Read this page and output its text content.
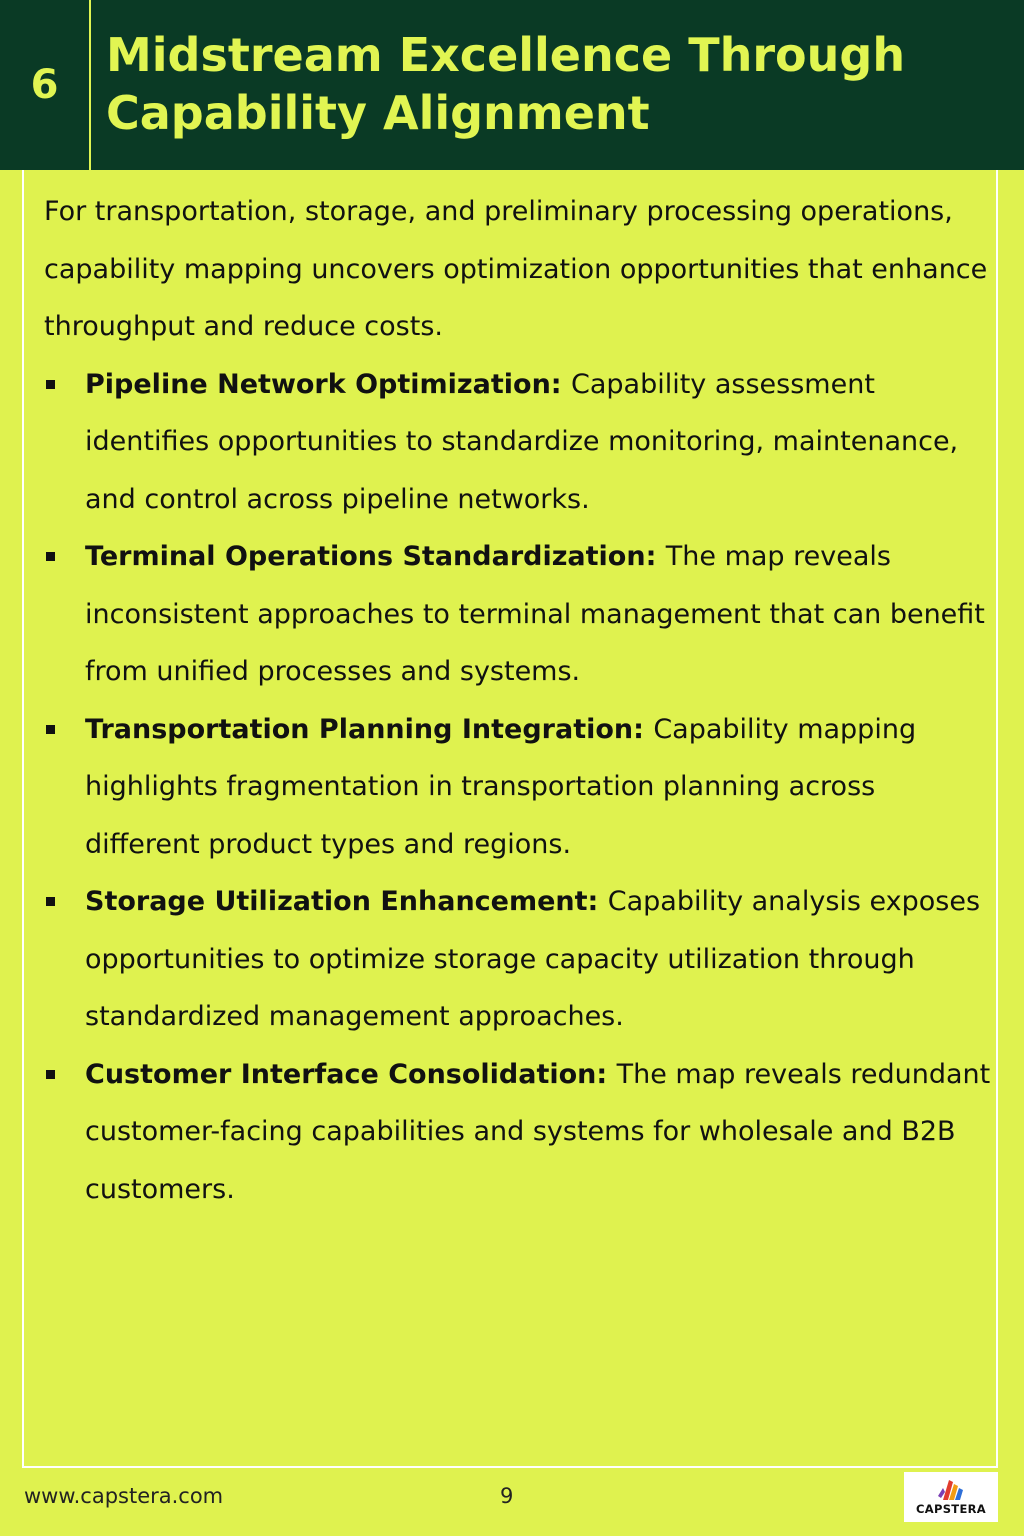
6
Midstream Excellence Through Capability Alignment

For transportation, storage, and preliminary processing operations, capability mapping uncovers optimization opportunities that enhance throughput and reduce costs.

Pipeline Network Optimization: Capability assessment identifies opportunities to standardize monitoring, maintenance, and control across pipeline networks.
Terminal Operations Standardization: The map reveals inconsistent approaches to terminal management that can benefit from unified processes and systems.
Transportation Planning Integration: Capability mapping highlights fragmentation in transportation planning across different product types and regions.
Storage Utilization Enhancement: Capability analysis exposes opportunities to optimize storage capacity utilization through standardized management approaches.
Customer Interface Consolidation: The map reveals redundant customer-facing capabilities and systems for wholesale and B2B customers.
www.capstera.com	9
CAPSTERA
